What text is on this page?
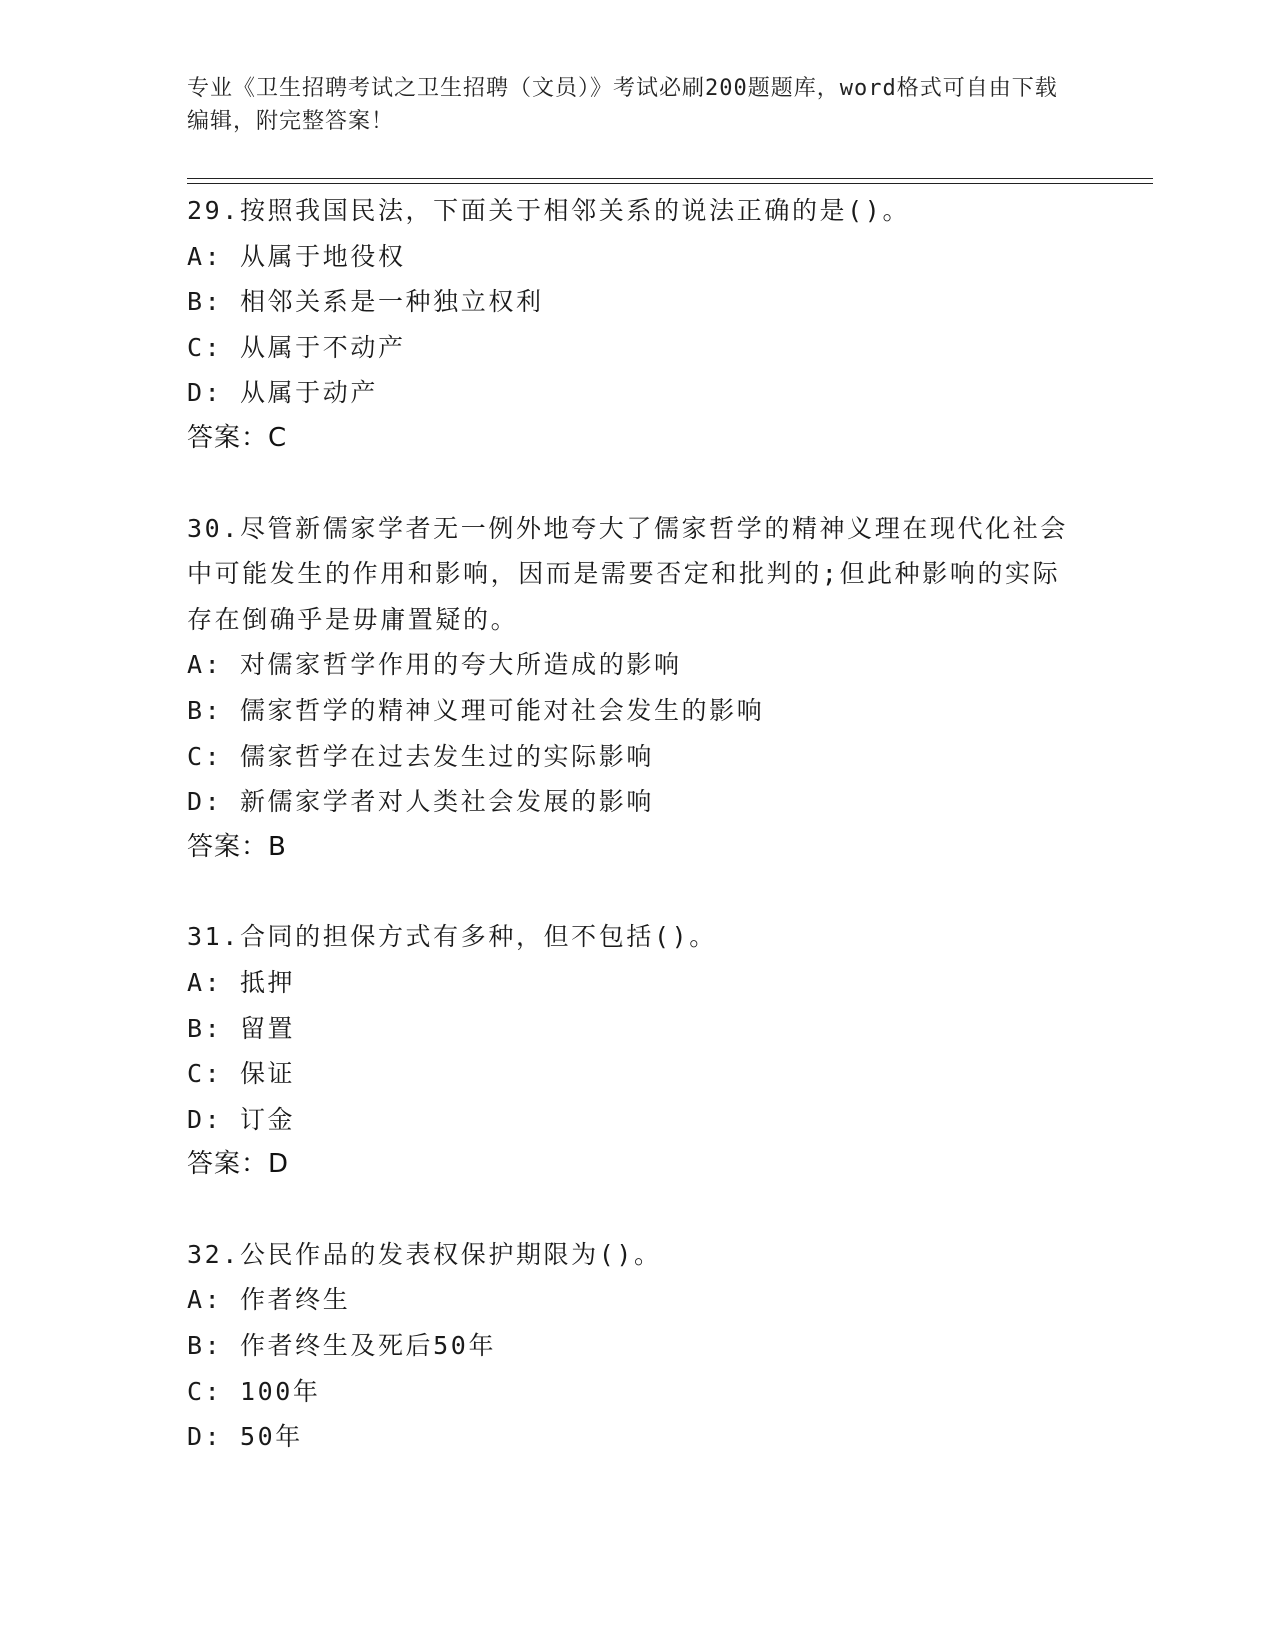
专业《卫生招聘考试之卫生招聘（文员）》考试必刷200题题库，word格式可自由下载编辑，附完整答案！
29.按照我国民法，下面关于相邻关系的说法正确的是()。
A: 从属于地役权
B: 相邻关系是一种独立权利
C: 从属于不动产
D: 从属于动产
答案：C
30.尽管新儒家学者无一例外地夸大了儒家哲学的精神义理在现代化社会中可能发生的作用和影响，因而是需要否定和批判的;但此种影响的实际存在倒确乎是毋庸置疑的。
A: 对儒家哲学作用的夸大所造成的影响
B: 儒家哲学的精神义理可能对社会发生的影响
C: 儒家哲学在过去发生过的实际影响
D: 新儒家学者对人类社会发展的影响
答案：B
31.合同的担保方式有多种，但不包括()。
A: 抵押
B: 留置
C: 保证
D: 订金
答案：D
32.公民作品的发表权保护期限为()。
A: 作者终生
B: 作者终生及死后50年
C: 100年
D: 50年
